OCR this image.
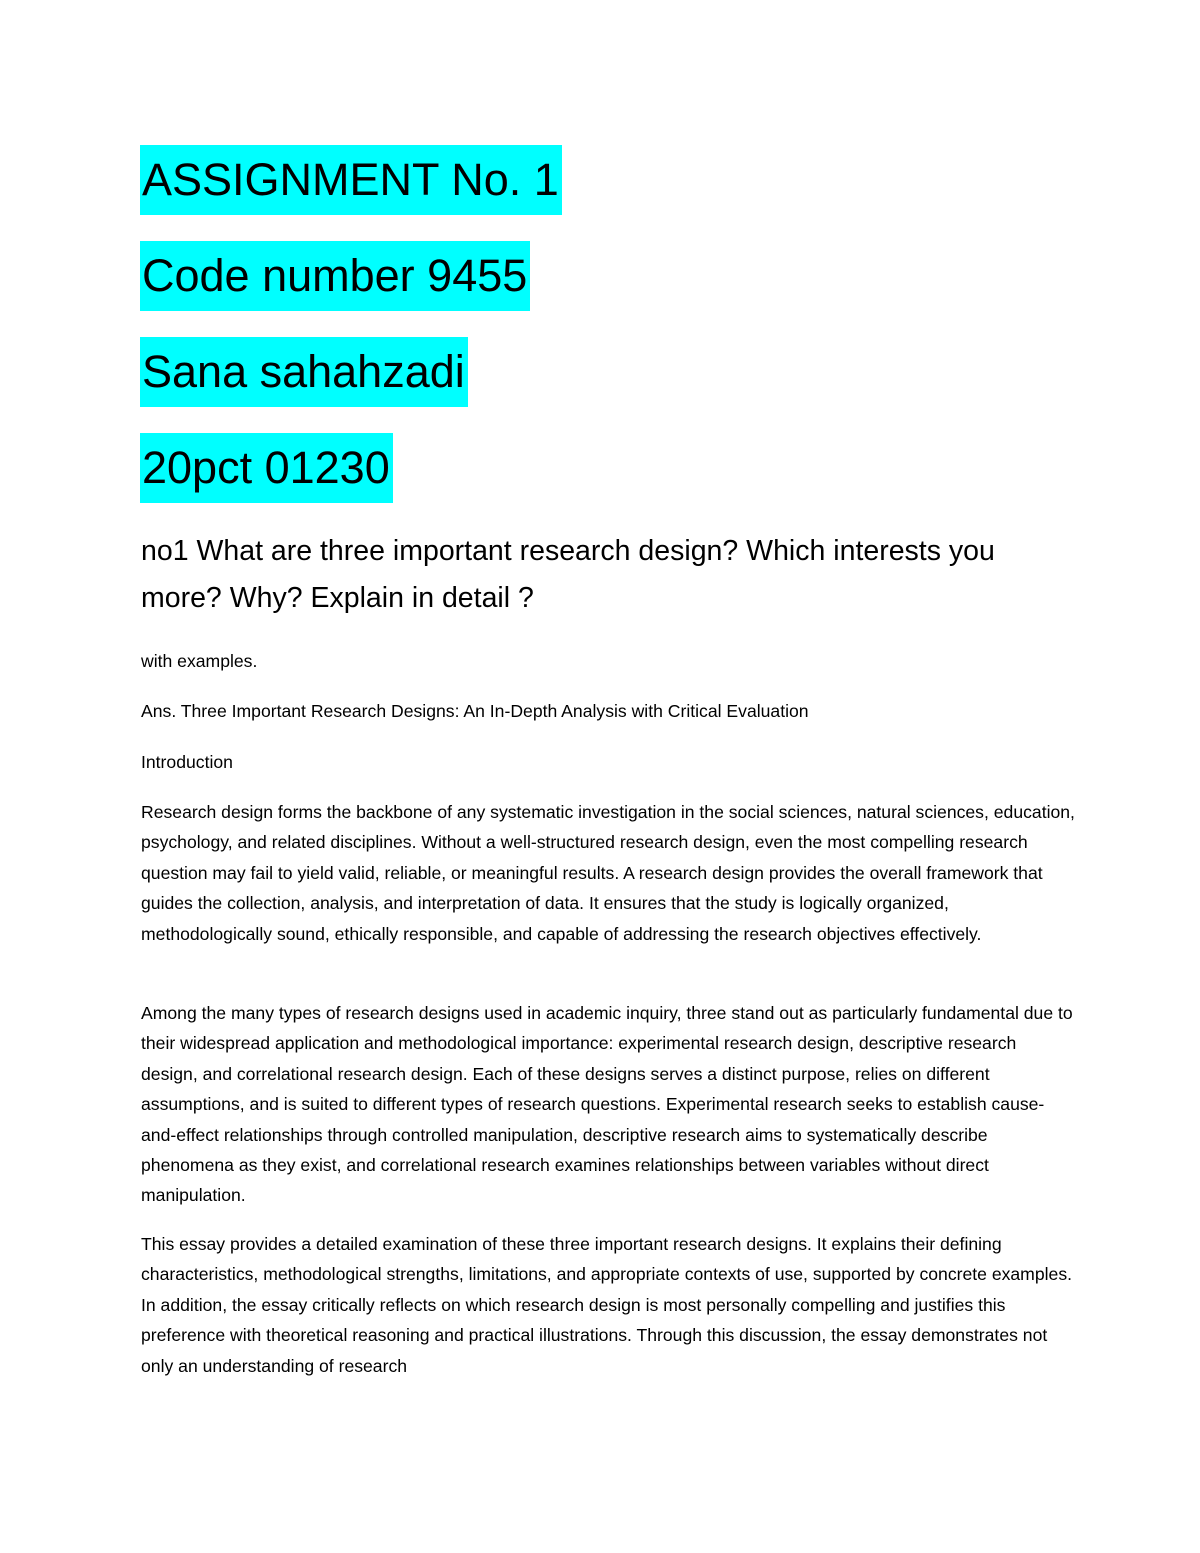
ASSIGNMENT No. 1
Code number 9455
Sana sahahzadi
20pct 01230
no1 What are three important research design? Which interests you more? Why? Explain in detail ?
with examples.
Ans. Three Important Research Designs: An In-Depth Analysis with Critical Evaluation
Introduction
Research design forms the backbone of any systematic investigation in the social sciences, natural sciences, education, psychology, and related disciplines. Without a well-structured research design, even the most compelling research question may fail to yield valid, reliable, or meaningful results. A research design provides the overall framework that guides the collection, analysis, and interpretation of data. It ensures that the study is logically organized, methodologically sound, ethically responsible, and capable of addressing the research objectives effectively.
Among the many types of research designs used in academic inquiry, three stand out as particularly fundamental due to their widespread application and methodological importance: experimental research design, descriptive research design, and correlational research design. Each of these designs serves a distinct purpose, relies on different assumptions, and is suited to different types of research questions. Experimental research seeks to establish cause-and-effect relationships through controlled manipulation, descriptive research aims to systematically describe phenomena as they exist, and correlational research examines relationships between variables without direct manipulation.
This essay provides a detailed examination of these three important research designs. It explains their defining characteristics, methodological strengths, limitations, and appropriate contexts of use, supported by concrete examples. In addition, the essay critically reflects on which research design is most personally compelling and justifies this preference with theoretical reasoning and practical illustrations. Through this discussion, the essay demonstrates not only an understanding of research
